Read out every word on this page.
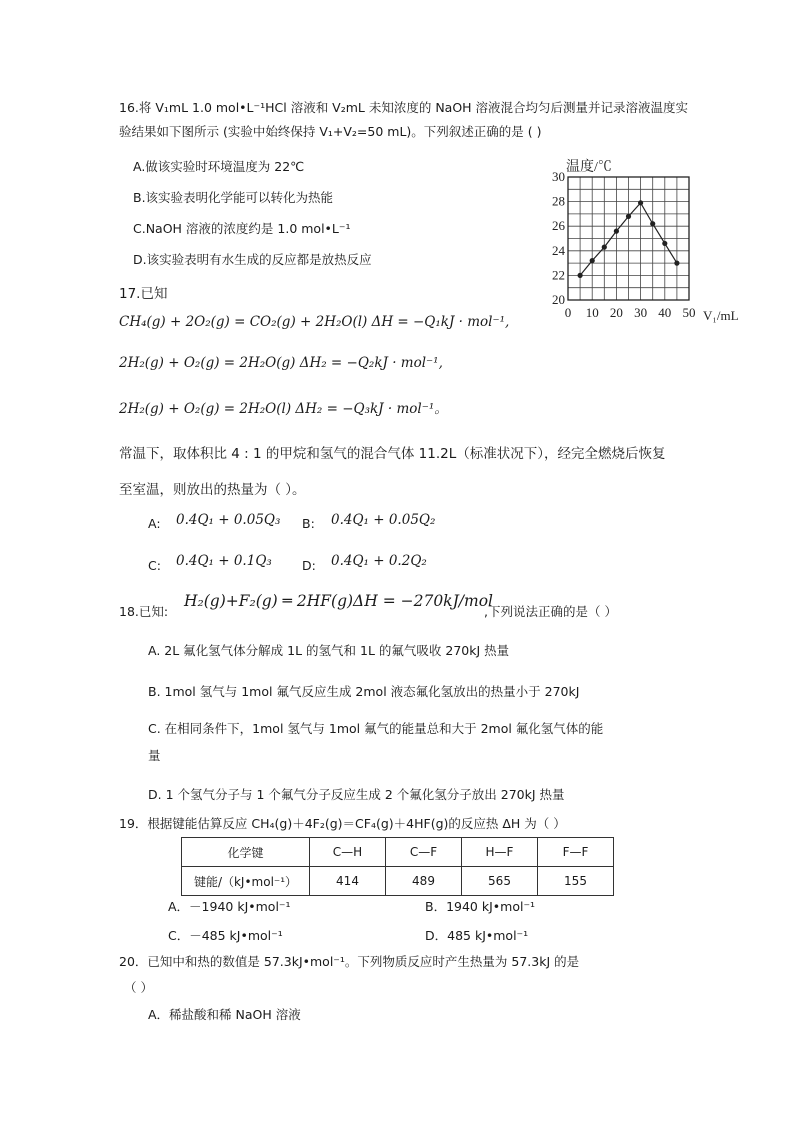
16.将 V₁mL 1.0 mol•L⁻¹HCl 溶液和 V₂mL 未知浓度的 NaOH 溶液混合均匀后测量并记录溶液温度实
验结果如下图所示 (实验中始终保持 V₁+V₂=50 mL)。下列叙述正确的是 ( )
A.做该实验时环境温度为 22℃
B.该实验表明化学能可以转化为热能
C.NaOH 溶液的浓度约是 1.0 mol•L⁻¹
D.该实验表明有水生成的反应都是放热反应
20
22
24
26
28
30
0 10 20 30 40 50
温度/℃
V₁/mL
17.已知
CH₄(g) + 2O₂(g) = CO₂(g) + 2H₂O(l) ΔH = −Q₁kJ · mol⁻¹,
2H₂(g) + O₂(g) = 2H₂O(g) ΔH₂ = −Q₂kJ · mol⁻¹,
2H₂(g) + O₂(g) = 2H₂O(l) ΔH₂ = −Q₃kJ · mol⁻¹。
常温下，取体积比 4 : 1 的甲烷和氢气的混合气体 11.2L（标准状况下），经完全燃烧后恢复
至室温，则放出的热量为（ ）。
A: 0.4Q₁ + 0.05Q₃ B: 0.4Q₁ + 0.05Q₂
C: 0.4Q₁ + 0.1Q₃ D: 0.4Q₁ + 0.2Q₂
18.已知:
H₂(g)+F₂(g) ═ 2HF(g)ΔH = −270kJ/mol
,下列说法正确的是（ ）
A. 2L 氟化氢气体分解成 1L 的氢气和 1L 的氟气吸收 270kJ 热量
B. 1mol 氢气与 1mol 氟气反应生成 2mol 液态氟化氢放出的热量小于 270kJ
C. 在相同条件下，1mol 氢气与 1mol 氟气的能量总和大于 2mol 氟化氢气体的能
量
D. 1 个氢气分子与 1 个氟气分子反应生成 2 个氟化氢分子放出 270kJ 热量
19．根据键能估算反应 CH₄(g)＋4F₂(g)＝CF₄(g)＋4HF(g)的反应热 ΔH 为（ ）
化学键	C—H	C—F	H—F	F—F
键能/（kJ•mol⁻¹）	414	489	565	155
A．－1940 kJ•mol⁻¹	B．1940 kJ•mol⁻¹
C．－485 kJ•mol⁻¹	D．485 kJ•mol⁻¹
20．已知中和热的数值是 57.3kJ•mol⁻¹。下列物质反应时产生热量为 57.3kJ 的是
（ ）
A．稀盐酸和稀 NaOH 溶液
